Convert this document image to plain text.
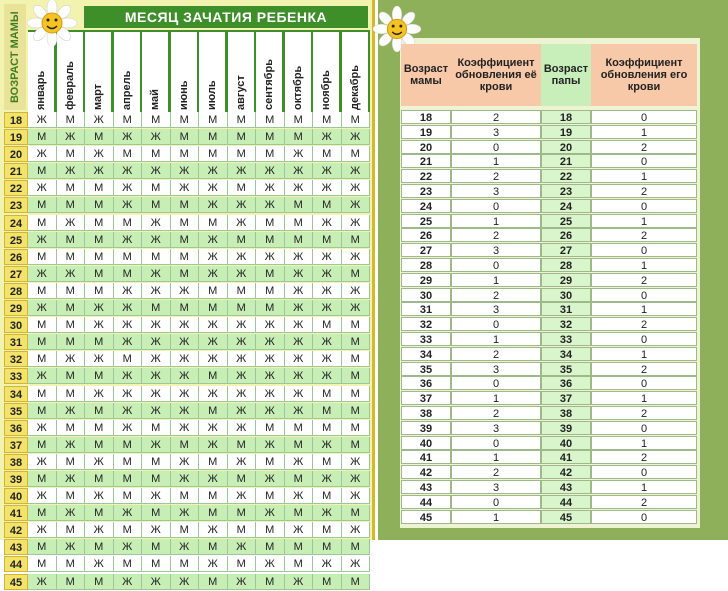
ВОЗРАСТ МАМЫ	МЕСЯЦ ЗАЧАТИЯ РЕБЕНКА
18	Ж	М	Ж	М	М	М	М	М	М	М	М	М
19	М	Ж	М	Ж	Ж	М	М	М	М	М	Ж	Ж
20	Ж	М	Ж	М	М	М	М	М	М	Ж	М	М
21	М	Ж	Ж	Ж	Ж	Ж	Ж	Ж	Ж	Ж	Ж	Ж
22	Ж	М	М	Ж	М	Ж	Ж	М	Ж	Ж	Ж	Ж
23	М	М	М	Ж	М	М	Ж	Ж	Ж	М	М	Ж
24	М	Ж	М	М	Ж	М	М	Ж	М	М	Ж	Ж
25	Ж	М	М	Ж	Ж	М	Ж	М	М	М	М	М
26	М	М	М	М	М	М	Ж	Ж	Ж	Ж	Ж	Ж
27	Ж	Ж	М	М	Ж	М	Ж	Ж	М	Ж	Ж	М
28	М	М	М	Ж	Ж	Ж	М	М	М	Ж	Ж	Ж
29	Ж	М	Ж	Ж	М	М	М	М	М	Ж	Ж	Ж
30	М	М	Ж	Ж	Ж	Ж	Ж	Ж	Ж	Ж	М	М
31	М	М	М	Ж	Ж	Ж	Ж	Ж	Ж	Ж	Ж	М
32	М	Ж	Ж	М	Ж	Ж	Ж	Ж	Ж	Ж	Ж	М
33	Ж	М	М	Ж	Ж	Ж	М	Ж	Ж	Ж	Ж	М
34	М	М	Ж	Ж	Ж	Ж	Ж	Ж	Ж	Ж	М	М
35	М	Ж	М	Ж	Ж	Ж	М	Ж	Ж	Ж	М	М
36	Ж	М	М	Ж	М	Ж	Ж	Ж	М	М	М	М
37	М	Ж	М	М	Ж	М	Ж	М	Ж	М	Ж	М
38	Ж	М	Ж	М	М	Ж	М	Ж	М	Ж	М	Ж
39	М	Ж	М	М	М	Ж	Ж	М	Ж	М	Ж	Ж
40	Ж	М	Ж	М	Ж	М	М	Ж	М	Ж	М	Ж
41	М	Ж	М	Ж	М	Ж	М	М	Ж	М	Ж	М
42	Ж	М	Ж	М	Ж	М	Ж	М	М	Ж	М	Ж
43	М	Ж	М	Ж	М	Ж	М	Ж	М	М	М	М
44	М	М	Ж	М	М	М	Ж	М	Ж	М	Ж	Ж
45	Ж	М	М	Ж	Ж	Ж	М	Ж	М	Ж	М	М
январь	февраль	март	апрель	май	июнь	июль	август	сентябрь	октябрь	ноябрь	декабрь	Возраст мамы
Коэффициент обновления её крови
Возраст папы
Коэффициент обновления его крови
18	2	18	0
19	3	19	1
20	0	20	2
21	1	21	0
22	2	22	1
23	3	23	2
24	0	24	0
25	1	25	1
26	2	26	2
27	3	27	0
28	0	28	1
29	1	29	2
30	2	30	0
31	3	31	1
32	0	32	2
33	1	33	0
34	2	34	1
35	3	35	2
36	0	36	0
37	1	37	1
38	2	38	2
39	3	39	0
40	0	40	1
41	1	41	2
42	2	42	0
43	3	43	1
44	0	44	2
45	1	45	0
